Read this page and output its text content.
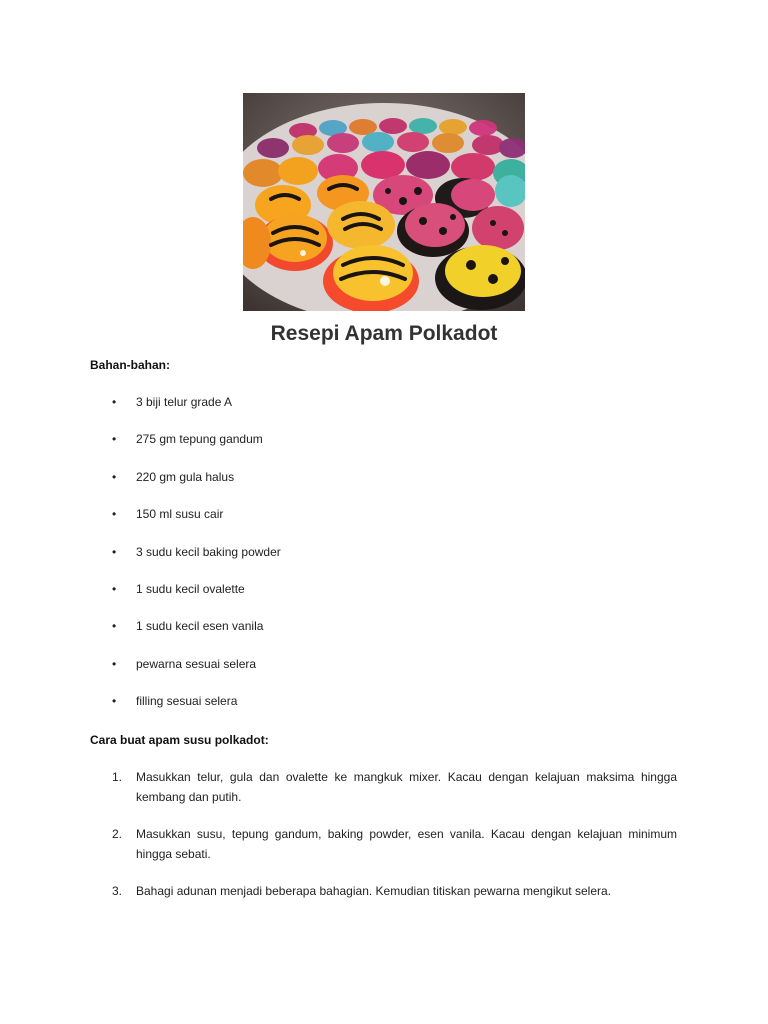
Resepi Apam Polkadot
Bahan-bahan:
• 3 biji telur grade A
• 275 gm tepung gandum
• 220 gm gula halus
• 150 ml susu cair
• 3 sudu kecil baking powder
• 1 sudu kecil ovalette
• 1 sudu kecil esen vanila
• pewarna sesuai selera
• filling sesuai selera
Cara buat apam susu polkadot:
1. Masukkan telur, gula dan ovalette ke mangkuk mixer. Kacau dengan kelajuan maksima hingga kembang dan putih.
2. Masukkan susu, tepung gandum, baking powder, esen vanila. Kacau dengan kelajuan minimum hingga sebati.
3. Bahagi adunan menjadi beberapa bahagian. Kemudian titiskan pewarna mengikut selera.
